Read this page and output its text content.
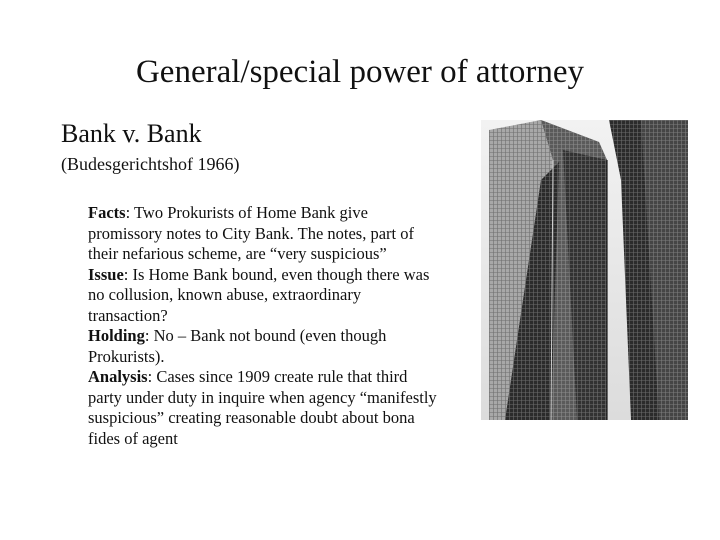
General/special power of attorney
Bank v. Bank
(Budesgerichtshof 1966)

Facts: Two Prokurists of Home Bank give promissory notes to City Bank. The notes, part of their nefarious scheme, are “very suspicious”

Issue: Is Home Bank bound, even though there was no collusion, known abuse, extraordinary transaction?

Holding: No – Bank not bound (even though Prokurists).

Analysis: Cases since 1909 create rule that third party under duty in inquire when agency “manifestly suspicious” creating reasonable doubt about bona fides of agent
